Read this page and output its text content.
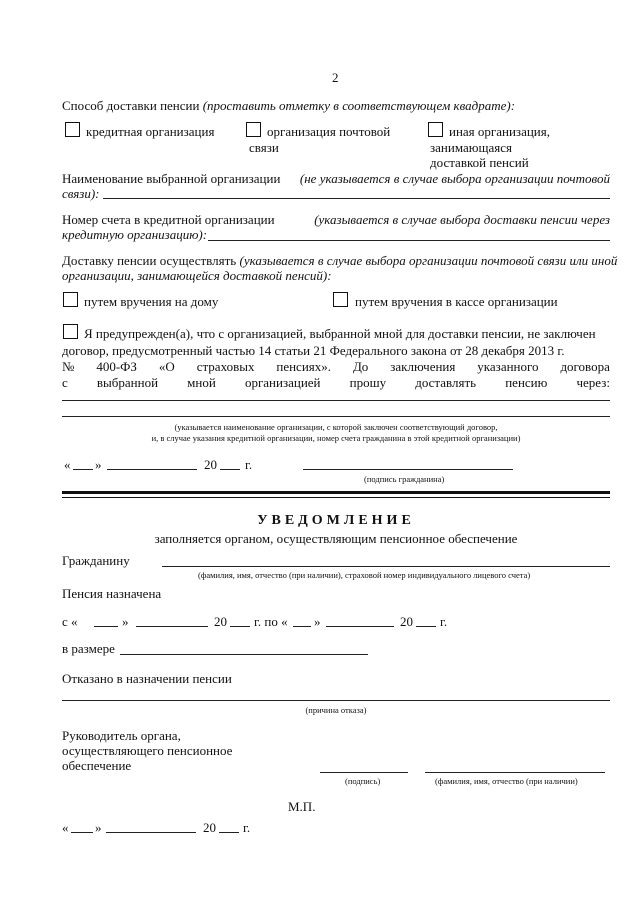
2
Способ доставки пенсии (проставить отметку в соответствующем квадрате):
кредитная организация	организация почтовой
связи
иная организация,
занимающаяся
доставкой пенсий
Наименование выбранной организации (не указывается в случае выбора организации почтовой
связи):
Номер счета в кредитной организации	(указывается в случае выбора доставки пенсии через
кредитную организацию):
Доставку пенсии осуществлять (указывается в случае выбора организации почтовой связи или иной
организации, занимающейся доставкой пенсий):
путем вручения на дому	путем вручения в кассе организации
Я предупрежден(а), что с организацией, выбранной мной для доставки пенсии, не заключен
договор, предусмотренный частью 14 статьи 21 Федерального закона от 28 декабря 2013 г.
№ 400-ФЗ «О страховых пенсиях». До заключения указанного договора
с выбранной мной организацией прошу доставлять пенсию через:
(указывается наименование организации, с которой заключен соответствующий договор,
и, в случае указания кредитной организации, номер счета гражданина в этой кредитной организации)
« »	20 г.
(подпись гражданина)
УВЕДОМЛЕНИЕ
заполняется органом, осуществляющим пенсионное обеспечение
Гражданину
(фамилия, имя, отчество (при наличии), страховой номер индивидуального лицевого счета)
Пенсия назначена
с «	»	20 г. по « »	20 г.
в размере
Отказано в назначении пенсии
(причина отказа)
Руководитель органа,
осуществляющего пенсионное
обеспечение
(подпись)	(фамилия, имя, отчество (при наличии)
М.П.
« »	20 г.
